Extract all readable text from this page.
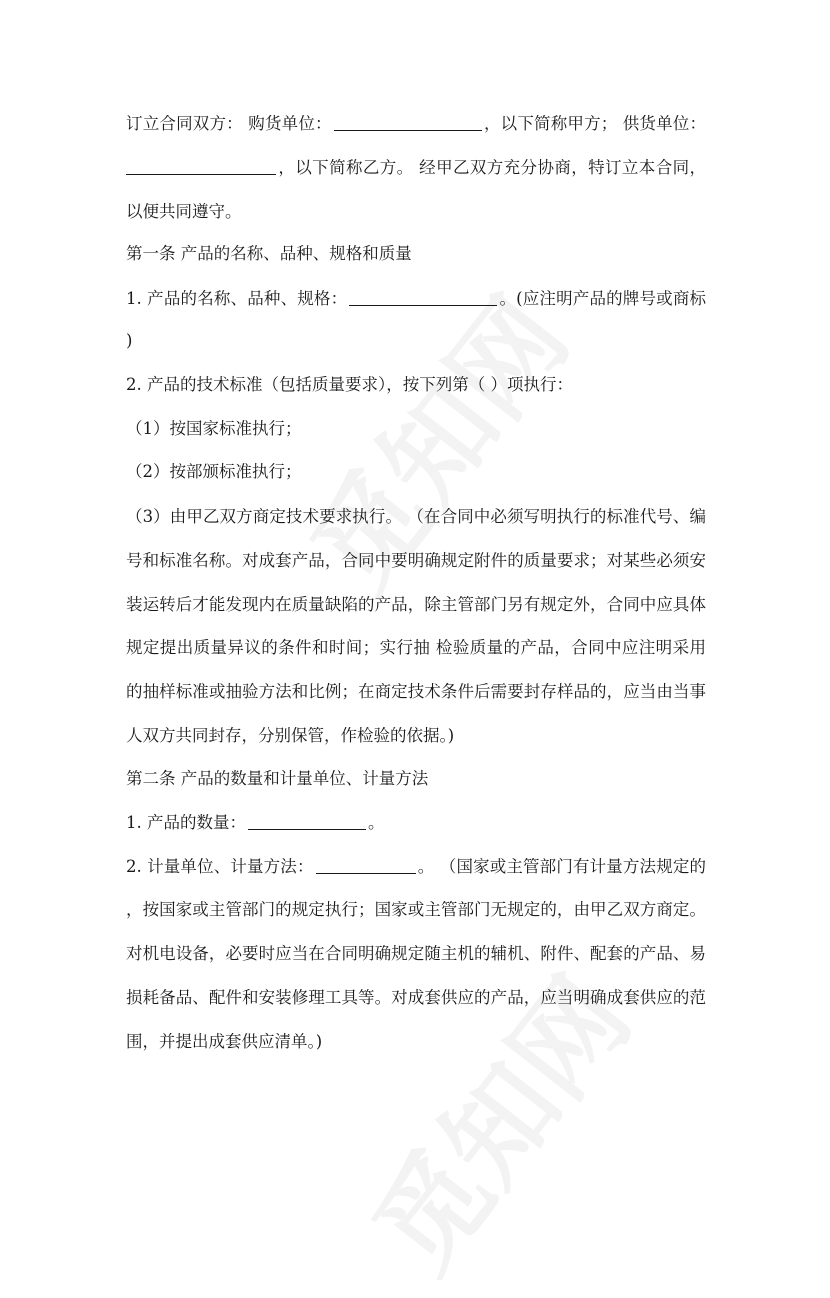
订立合同双方： 购货单位：	，以下简称甲方； 供货单位：
，以下简称乙方。 经甲乙双方充分协商，特订立本合同，
以便共同遵守。
第一条 产品的名称、品种、规格和质量
1. 产品的名称、品种、规格：	。(应注明产品的牌号或商标
)
2. 产品的技术标准（包括质量要求），按下列第（ ）项执行：
（1）按国家标准执行；
（2）按部颁标准执行；
（3）由甲乙双方商定技术要求执行。 （在合同中必须写明执行的标准代号、编
号和标准名称。对成套产品，合同中要明确规定附件的质量要求；对某些必须安
装运转后才能发现内在质量缺陷的产品，除主管部门另有规定外，合同中应具体
规定提出质量异议的条件和时间；实行抽 检验质量的产品，合同中应注明采用
的抽样标准或抽验方法和比例；在商定技术条件后需要封存样品的，应当由当事
人双方共同封存，分别保管，作检验的依据。)
第二条 产品的数量和计量单位、计量方法
1. 产品的数量：	。
2. 计量单位、计量方法：	。 （国家或主管部门有计量方法规定的
，按国家或主管部门的规定执行；国家或主管部门无规定的，由甲乙双方商定。
对机电设备，必要时应当在合同明确规定随主机的辅机、附件、配套的产品、易
损耗备品、配件和安装修理工具等。对成套供应的产品，应当明确成套供应的范
围，并提出成套供应清单。)
